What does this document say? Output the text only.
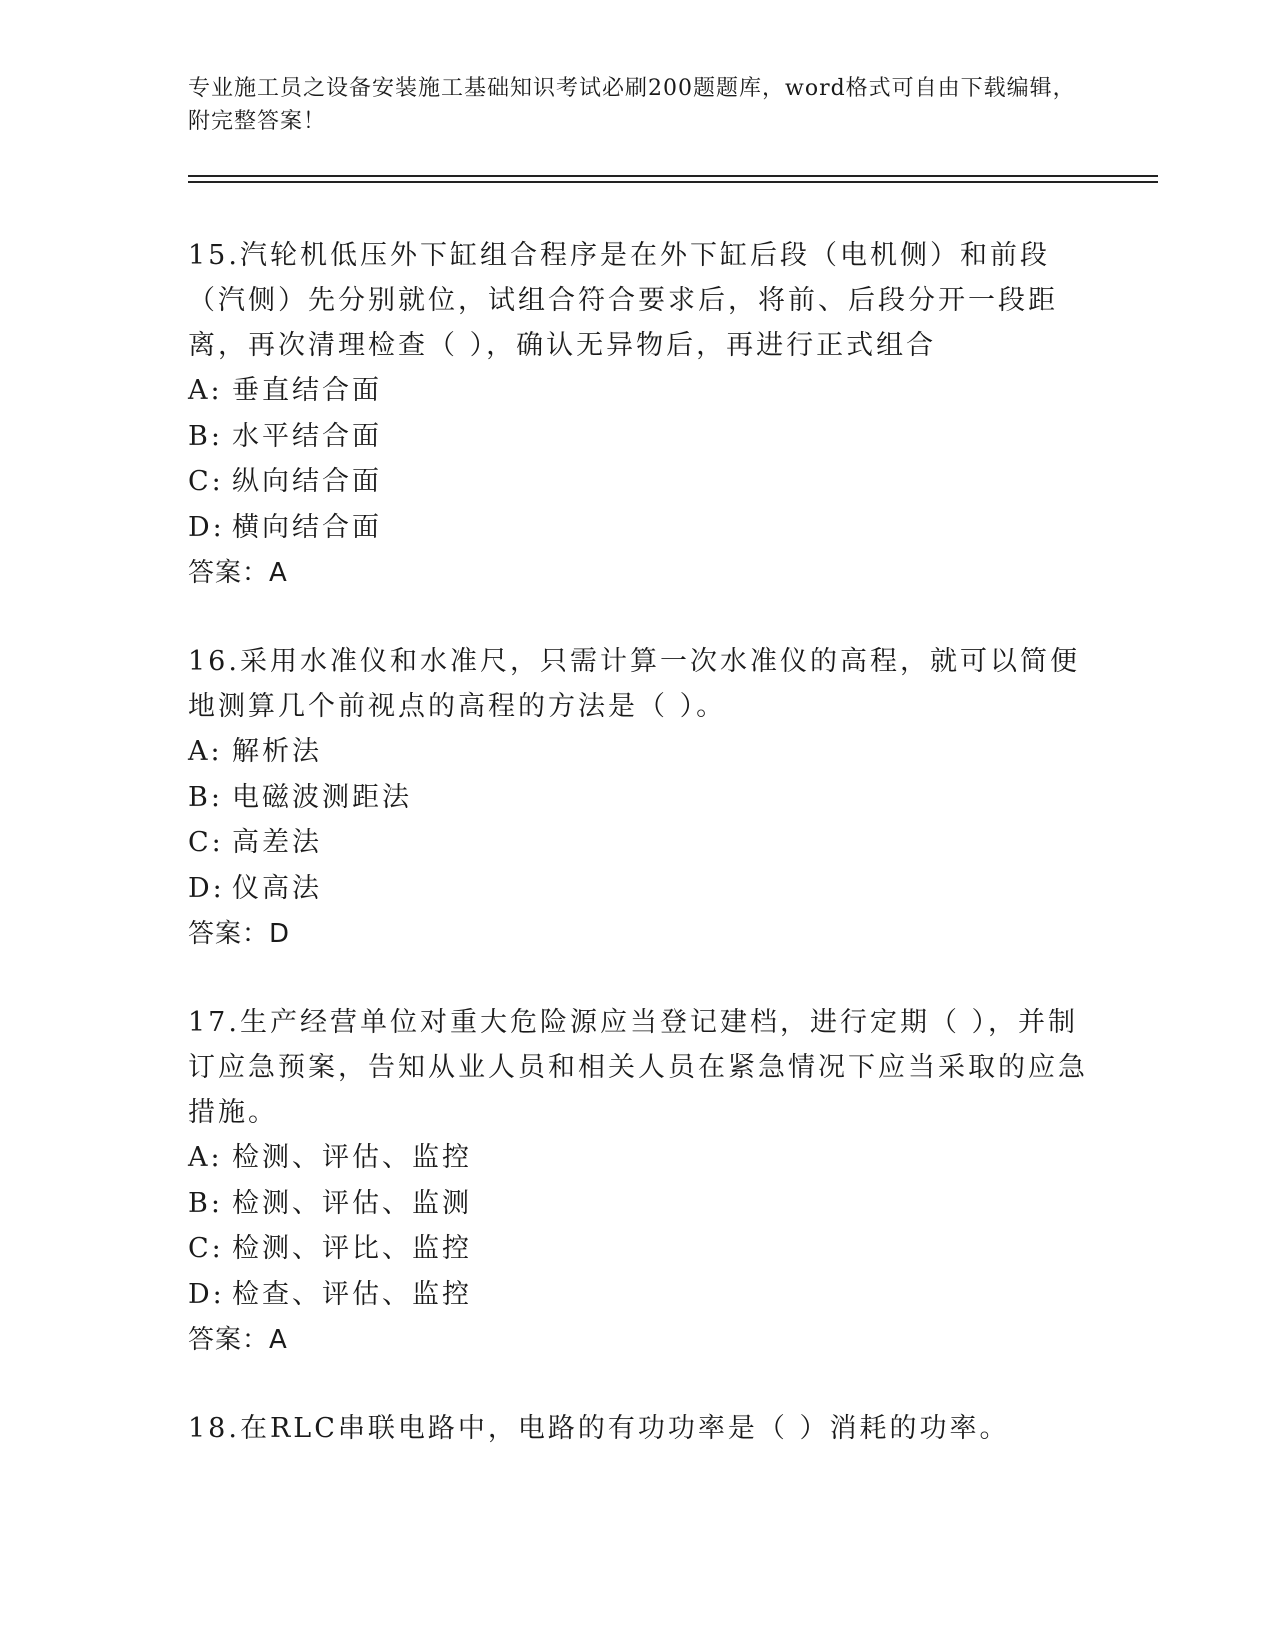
专业施工员之设备安装施工基础知识考试必刷200题题库，word格式可自由下载编辑，附完整答案！
15.汽轮机低压外下缸组合程序是在外下缸后段（电机侧）和前段（汽侧）先分别就位，试组合符合要求后，将前、后段分开一段距离，再次清理检查（ ），确认无异物后，再进行正式组合
A: 垂直结合面
B: 水平结合面
C: 纵向结合面
D: 横向结合面
答案：A
16.采用水准仪和水准尺，只需计算一次水准仪的高程，就可以简便地测算几个前视点的高程的方法是（ ）。
A: 解析法
B: 电磁波测距法
C: 高差法
D: 仪高法
答案：D
17.生产经营单位对重大危险源应当登记建档，进行定期（ ），并制订应急预案，告知从业人员和相关人员在紧急情况下应当采取的应急措施。
A: 检测、评估、监控
B: 检测、评估、监测
C: 检测、评比、监控
D: 检查、评估、监控
答案：A
18.在RLC串联电路中，电路的有功功率是（ ）消耗的功率。
